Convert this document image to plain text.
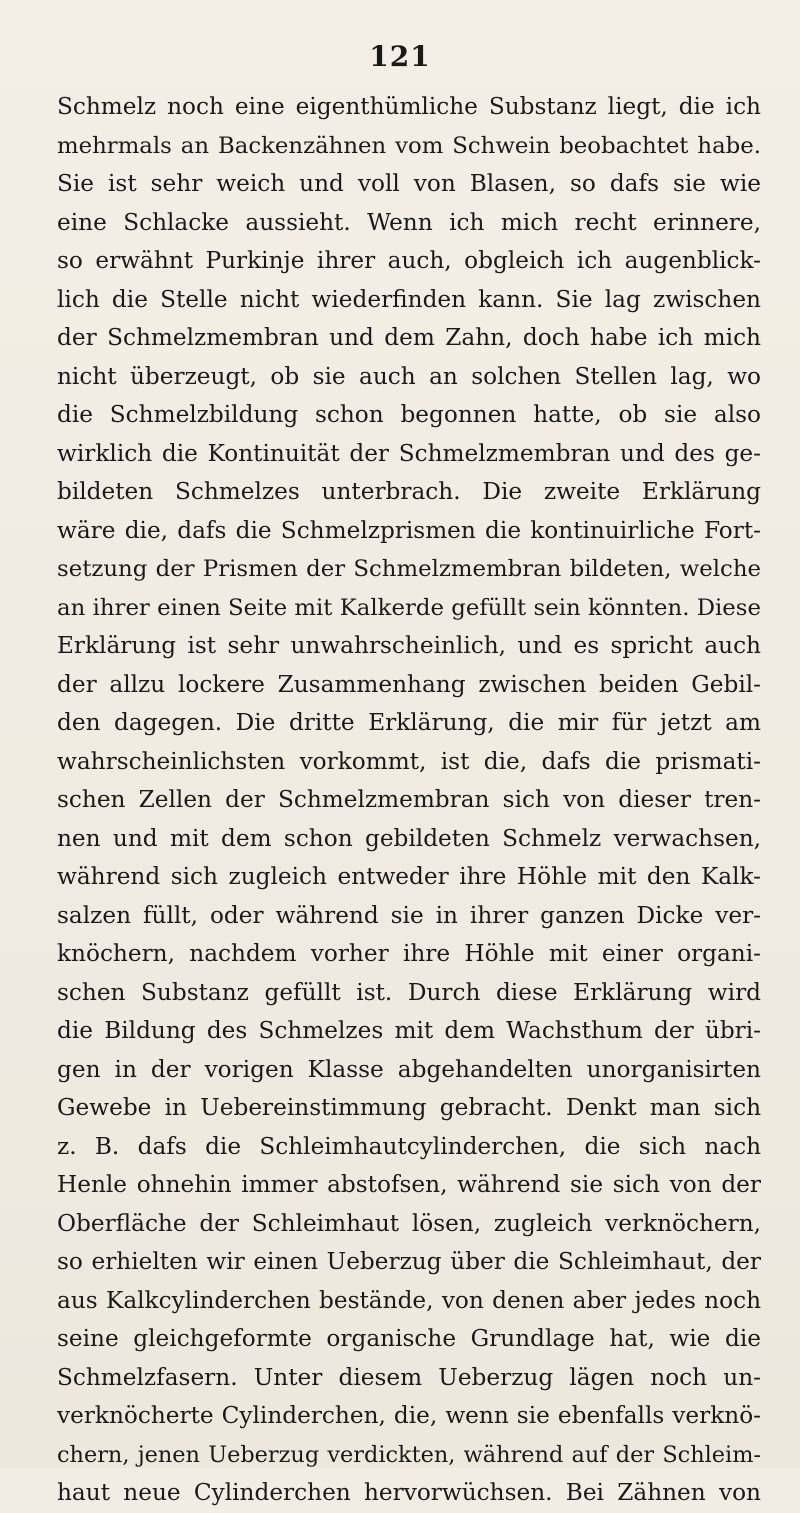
121
Schmelz noch eine eigenthümliche Substanz liegt, die ich
mehrmals an Backenzähnen vom Schwein beobachtet habe.
Sie ist sehr weich und voll von Blasen, so dafs sie wie
eine Schlacke aussieht. Wenn ich mich recht erinnere,
so erwähnt Purkinje ihrer auch, obgleich ich augenblick-
lich die Stelle nicht wiederfinden kann. Sie lag zwischen
der Schmelzmembran und dem Zahn, doch habe ich mich
nicht überzeugt, ob sie auch an solchen Stellen lag, wo
die Schmelzbildung schon begonnen hatte, ob sie also
wirklich die Kontinuität der Schmelzmembran und des ge-
bildeten Schmelzes unterbrach. Die zweite Erklärung
wäre die, dafs die Schmelzprismen die kontinuirliche Fort-
setzung der Prismen der Schmelzmembran bildeten, welche
an ihrer einen Seite mit Kalkerde gefüllt sein könnten. Diese
Erklärung ist sehr unwahrscheinlich, und es spricht auch
der allzu lockere Zusammenhang zwischen beiden Gebil-
den dagegen. Die dritte Erklärung, die mir für jetzt am
wahrscheinlichsten vorkommt, ist die, dafs die prismati-
schen Zellen der Schmelzmembran sich von dieser tren-
nen und mit dem schon gebildeten Schmelz verwachsen,
während sich zugleich entweder ihre Höhle mit den Kalk-
salzen füllt, oder während sie in ihrer ganzen Dicke ver-
knöchern, nachdem vorher ihre Höhle mit einer organi-
schen Substanz gefüllt ist. Durch diese Erklärung wird
die Bildung des Schmelzes mit dem Wachsthum der übri-
gen in der vorigen Klasse abgehandelten unorganisirten
Gewebe in Uebereinstimmung gebracht. Denkt man sich
z. B. dafs die Schleimhautcylinderchen, die sich nach
Henle ohnehin immer abstofsen, während sie sich von der
Oberfläche der Schleimhaut lösen, zugleich verknöchern,
so erhielten wir einen Ueberzug über die Schleimhaut, der
aus Kalkcylinderchen bestände, von denen aber jedes noch
seine gleichgeformte organische Grundlage hat, wie die
Schmelzfasern. Unter diesem Ueberzug lägen noch un-
verknöcherte Cylinderchen, die, wenn sie ebenfalls verknö-
chern, jenen Ueberzug verdickten, während auf der Schleim-
haut neue Cylinderchen hervorwüchsen. Bei Zähnen von
